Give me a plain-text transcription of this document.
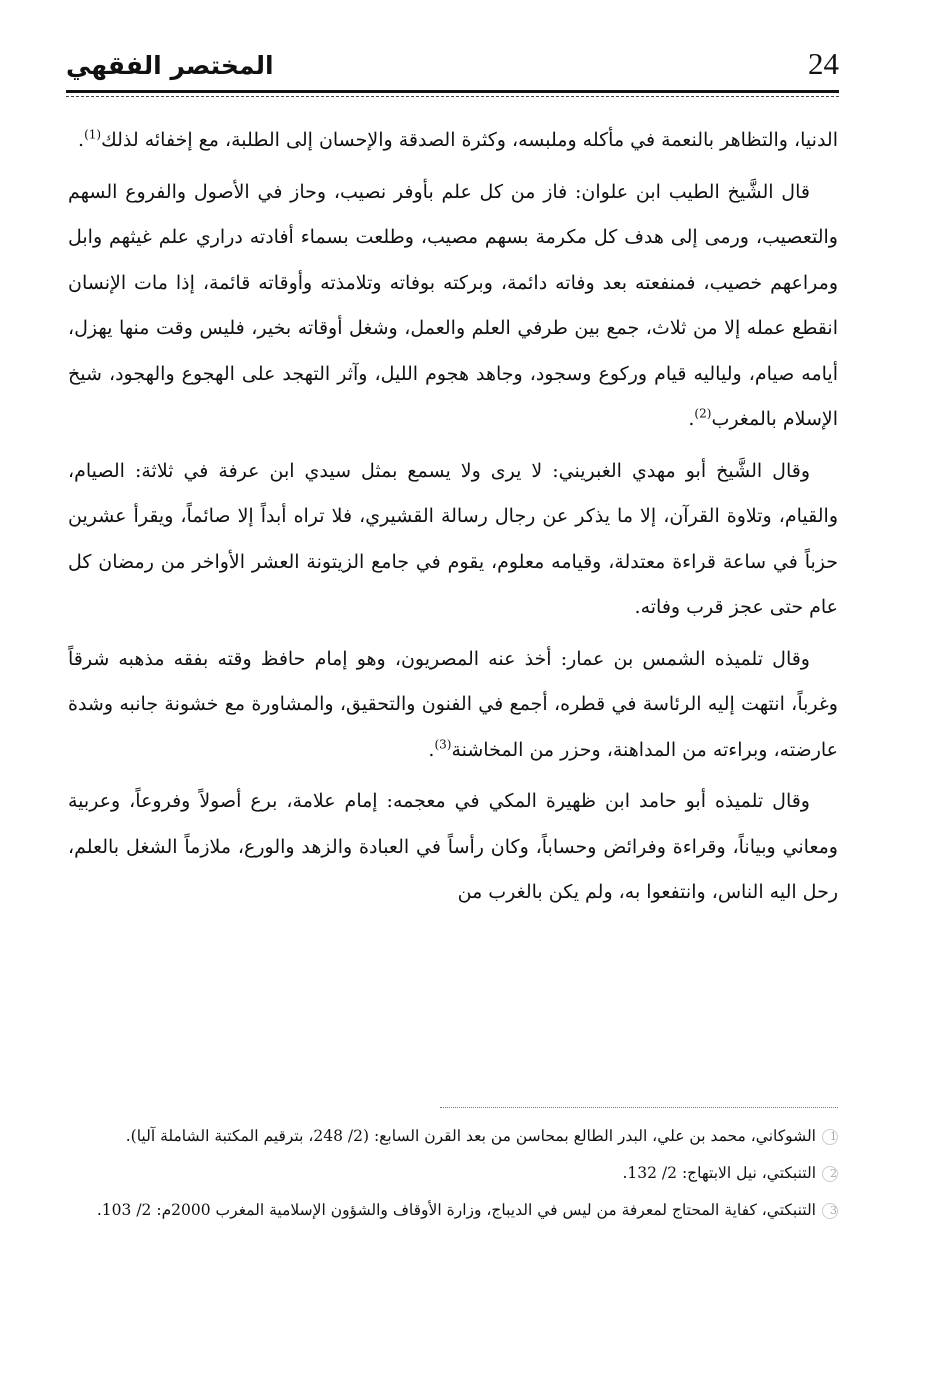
24
المختصر الفقهي

الدنيا، والتظاهر بالنعمة في مأكله وملبسه، وكثرة الصدقة والإحسان إلى الطلبة، مع إخفائه لذلك$^{(1)}$.

قال الشَّيخ الطيب ابن علوان: فاز من كل علم بأوفر نصيب، وحاز في الأصول والفروع السهم والتعصيب، ورمى إلى هدف كل مكرمة بسهم مصيب، وطلعت بسماء أفادته دراري علم غيثهم وابل ومراعهم خصيب، فمنفعته بعد وفاته دائمة، وبركته بوفاته وتلامذته وأوقاته قائمة، إذا مات الإنسان انقطع عمله إلا من ثلاث، جمع بين طرفي العلم والعمل، وشغل أوقاته بخير، فليس وقت منها يهزل، أيامه صيام، ولياليه قيام وركوع وسجود، وجاهد هجوم الليل، وآثر التهجد على الهجوع والهجود، شيخ الإسلام بالمغرب$^{(2)}$.

وقال الشَّيخ أبو مهدي الغبريني: لا يرى ولا يسمع بمثل سيدي ابن عرفة في ثلاثة: الصيام، والقيام، وتلاوة القرآن، إلا ما يذكر عن رجال رسالة القشيري، فلا تراه أبداً إلا صائماً، ويقرأ عشرين حزباً في ساعة قراءة معتدلة، وقيامه معلوم، يقوم في جامع الزيتونة العشر الأواخر من رمضان كل عام حتى عجز قرب وفاته.

وقال تلميذه الشمس بن عمار: أخذ عنه المصريون، وهو إمام حافظ وقته بفقه مذهبه شرقاً وغرباً، انتهت إليه الرئاسة في قطره، أجمع في الفنون والتحقيق، والمشاورة مع خشونة جانبه وشدة عارضته، وبراءته من المداهنة، وحزر من المخاشنة$^{(3)}$.

وقال تلميذه أبو حامد ابن ظهيرة المكي في معجمه: إمام علامة، برع أصولاً وفروعاً، وعربية ومعاني وبياناً، وقراءة وفرائض وحساباً، وكان رأساً في العبادة والزهد والورع، ملازماً الشغل بالعلم، رحل اليه الناس، وانتفعوا به، ولم يكن بالغرب من

1الشوكاني، محمد بن علي، البدر الطالع بمحاسن من بعد القرن السابع: (2/ 248، بترقيم المكتبة الشاملة آليا).

2التنبكتي، نيل الابتهاج: 2/ 132.

3التنبكتي، كفاية المحتاج لمعرفة من ليس في الديباج، وزارة الأوقاف والشؤون الإسلامية المغرب 2000م: 2/ 103.
